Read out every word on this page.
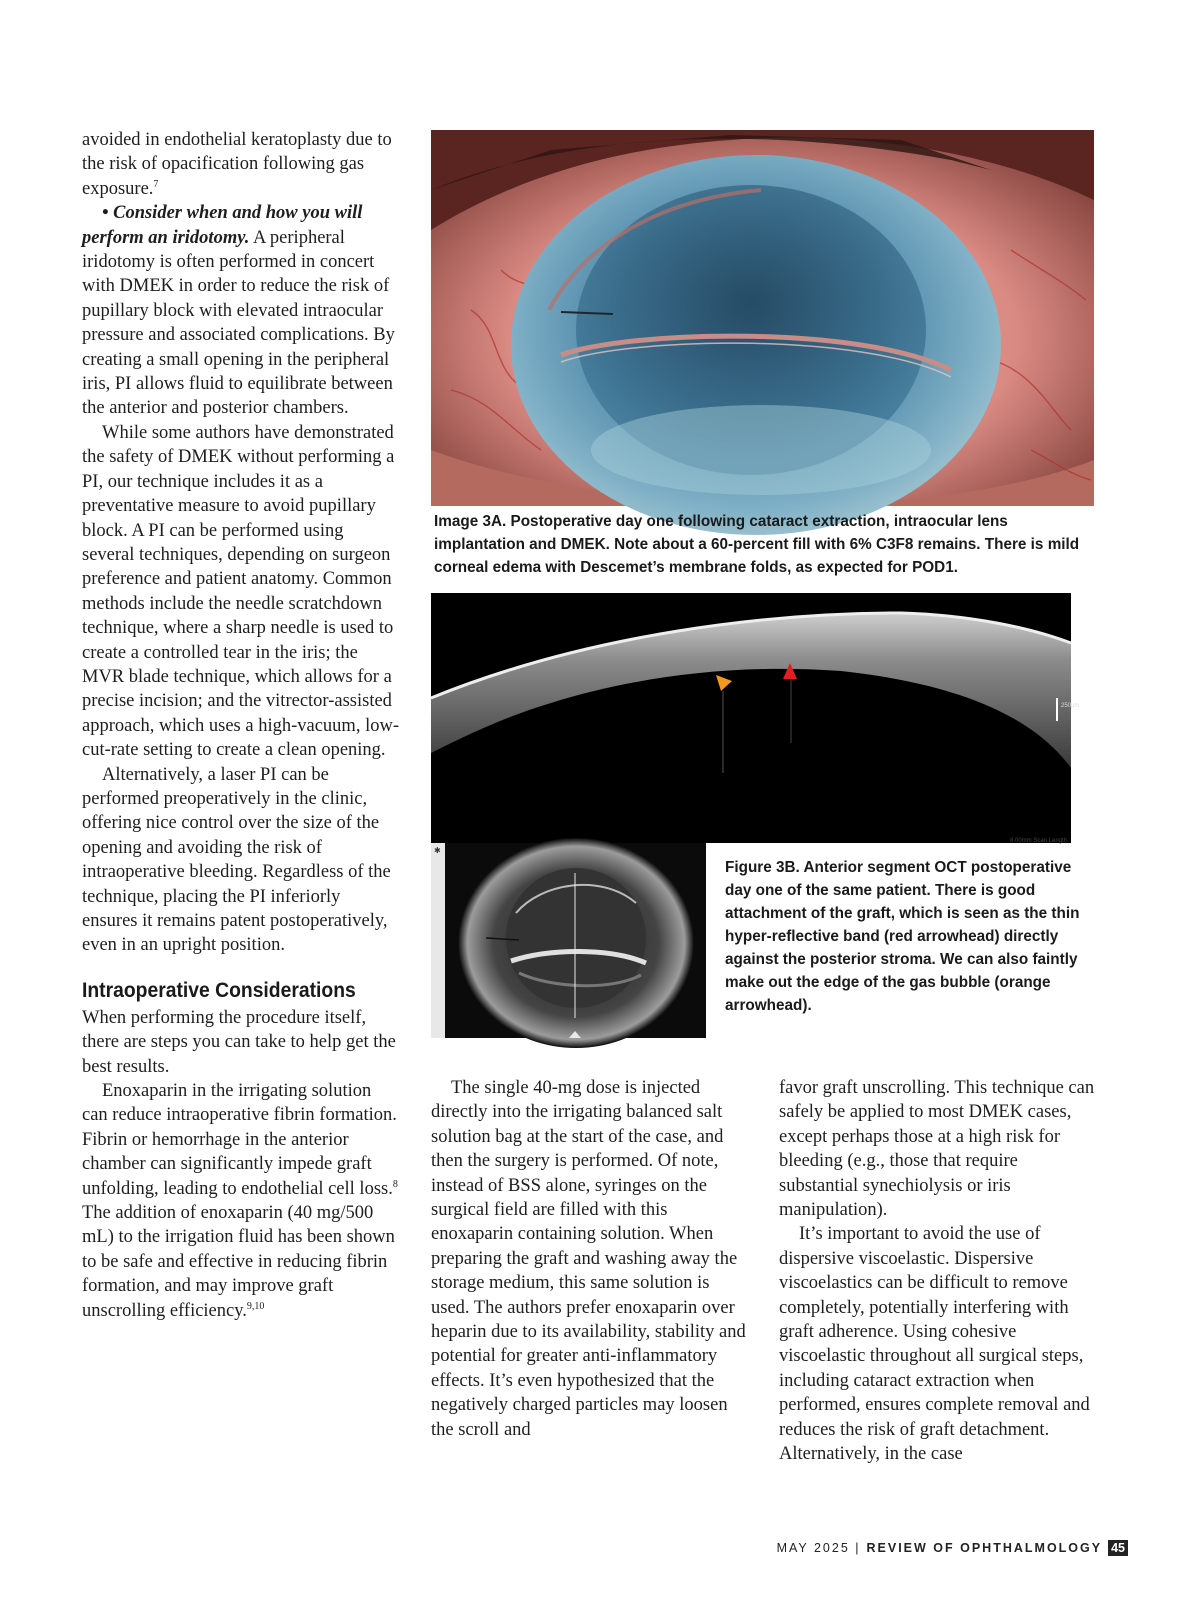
avoided in endothelial keratoplasty due to the risk of opacification following gas exposure.$^7$

• Consider when and how you will perform an iridotomy. A peripheral iridotomy is often performed in concert with DMEK in order to reduce the risk of pupillary block with elevated intraocular pressure and associated complications. By creating a small opening in the peripheral iris, PI allows fluid to equilibrate between the anterior and posterior chambers.

While some authors have demonstrated the safety of DMEK without performing a PI, our technique includes it as a preventative measure to avoid pupillary block. A PI can be performed using several techniques, depending on surgeon preference and patient anatomy. Common methods include the needle scratchdown technique, where a sharp needle is used to create a controlled tear in the iris; the MVR blade technique, which allows for a precise incision; and the vitrector-assisted approach, which uses a high-vacuum, low-cut-rate setting to create a clean opening.

Alternatively, a laser PI can be performed preoperatively in the clinic, offering nice control over the size of the opening and avoiding the risk of intraoperative bleeding. Regardless of the technique, placing the PI inferiorly ensures it remains patent postoperatively, even in an upright position.

Intraoperative Considerations

When performing the procedure itself, there are steps you can take to help get the best results.

Enoxaparin in the irrigating solution can reduce intraoperative fibrin formation. Fibrin or hemorrhage in the anterior chamber can significantly impede graft unfolding, leading to endothelial cell loss.$^8$ The addition of enoxaparin (40 mg/500 mL) to the irrigation fluid has been shown to be safe and effective in reducing fibrin formation, and may improve graft unscrolling efficiency.$^{9,10}$

Image 3A. Postoperative day one following cataract extraction, intraocular lens implantation and DMEK. Note about a 60-percent fill with 6% C3F8 remains. There is mild corneal edema with Descemet’s membrane folds, as expected for POD1.
250µm
8.00mm Scan Length
✱
Figure 3B. Anterior segment OCT postoperative day one of the same patient. There is good attachment of the graft, which is seen as the thin hyper-reflective band (red arrowhead) directly against the posterior stroma. We can also faintly make out the edge of the gas bubble (orange arrowhead).

The single 40-mg dose is injected directly into the irrigating balanced salt solution bag at the start of the case, and then the surgery is performed. Of note, instead of BSS alone, syringes on the surgical field are filled with this enoxaparin containing solution. When preparing the graft and washing away the storage medium, this same solution is used. The authors prefer enoxaparin over heparin due to its availability, stability and potential for greater anti-inflammatory effects. It’s even hypothesized that the negatively charged particles may loosen the scroll and

favor graft unscrolling. This technique can safely be applied to most DMEK cases, except perhaps those at a high risk for bleeding (e.g., those that require substantial synechiolysis or iris manipulation).

It’s important to avoid the use of dispersive viscoelastic. Dispersive viscoelastics can be difficult to remove completely, potentially interfering with graft adherence. Using cohesive viscoelastic throughout all surgical steps, including cataract extraction when performed, ensures complete removal and reduces the risk of graft detachment. Alternatively, in the case

MAY 2025 | REVIEW OF OPHTHALMOLOGY 45
